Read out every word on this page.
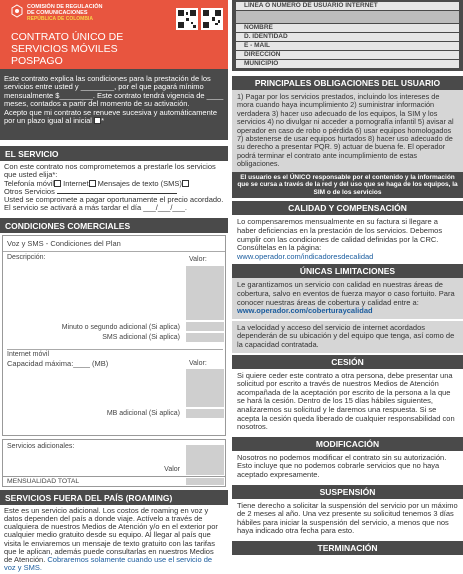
COMISIÓN DE REGULACIÓN
DE COMUNICACIONES
REPÚBLICA DE COLOMBIA
CONTRATO ÚNICO DE
SERVICIOS MÓVILES POSPAGO
Este contrato explica las condiciones para la prestación de los servicios entre usted y ________, por el que pagará mínimo mensualmente $________. Este contrato tendrá vigencia de ____ meses, contados a partir del momento de su activación.
Acepto que mi contrato se renueve sucesiva y automáticamente por un plazo igual al inicial *
EL SERVICIO
Con este contrato nos comprometemos a prestarle los servicios que usted elija*:
Telefonía móvil Internet Mensajes de texto (SMS)
Otros Servicios
Usted se compromete a pagar oportunamente el precio acordado.
El servicio se activará a más tardar el día ___/___/___.
CONDICIONES COMERCIALES
Voz y SMS - Condiciones del Plan
Descripción:	Valor:
Minuto o segundo adicional (Si aplica)
SMS adicional (Si aplica)
Internet móvil
Capacidad máxima:____ (MB)	Valor:
MB adicional (Si aplica)
Servicios adicionales:
Valor
MENSUALIDAD TOTAL
SERVICIOS FUERA DEL PAÍS (ROAMING)
Este es un servicio adicional. Los costos de roaming en voz y datos dependen del país a donde viaje. Actívelo a través de cualquiera de nuestros Medios de Atención y/o en el exterior por cualquier medio gratuito desde su equipo. Al llegar al país que visita le enviaremos un mensaje de texto gratuito con las tarifas que le aplican, además puede consultarlas en nuestros Medios de Atención. Cobraremos solamente cuando use el servicio de voz y SMS.
LÍNEA O NÚMERO DE USUARIO INTERNET
NOMBRE
D. IDENTIDAD
E - MAIL
DIRECCIÓN
MUNICIPIO
PRINCIPALES OBLIGACIONES DEL USUARIO
1) Pagar por los servicios prestados, incluindo los intereses de mora cuando haya incumplimiento 2) suministrar información verdadera 3) hacer uso adecuado de los equipos, la SIM y los servicios 4) no divulgar ni acceder a pornografía infantil 5) avisar al operador en caso de robo o pérdida 6) usar equipos homologados 7) abstenerse de usar equipos hurtados 8) hacer uso adecuado de su derecho a presentar PQR. 9) actuar de buena fe. El operador podrá terminar el contrato ante incumplimiento de estas obligaciones.
El usuario es el ÚNICO responsable por el contenido y la información que se cursa a través de la red y del uso que se haga de los equipos, la SIM o de los servicios
CALIDAD Y COMPENSACIÓN
Lo compensaremos mensualmente en su factura si llegare a haber deficiencias en la prestación de los servicios. Debemos cumplir con las condiciones de calidad definidas por la CRC. Consúltelas en la página: www.operador.com/indicadoresdecalidad
ÚNICAS LIMITACIONES
Le garantizamos un servicio con calidad en nuestras áreas de cobertura, salvo en eventos de fuerza mayor o caso fortuito. Para conocer nuestras áreas de cobertura y calidad entre a: www.operador.com/coberturaycalidad
La velocidad y acceso del servicio de internet acordados dependerán de su ubicación y del equipo que tenga, así como de la capacidad contratada.
CESIÓN
Si quiere ceder este contrato a otra persona, debe presentar una solicitud por escrito a través de nuestros Medios de Atención acompañada de la aceptación por escrito de la persona a la que se hará la cesión. Dentro de los 15 días hábiles siguientes, analizaremos su solicitud y le daremos una respuesta. Si se acepta la cesión queda liberado de cualquier responsabilidad con nosotros.
MODIFICACIÓN
Nosotros no podemos modificar el contrato sin su autorización. Esto incluye que no podemos cobrarle servicios que no haya aceptado expresamente.
SUSPENSIÓN
Tiene derecho a solicitar la suspensión del servicio por un máximo de 2 meses al año. Una vez presente su solicitud tenemos 3 días hábiles para iniciar la suspensión del servicio, a menos que nos haya indicado otra fecha para esto.
TERMINACIÓN
